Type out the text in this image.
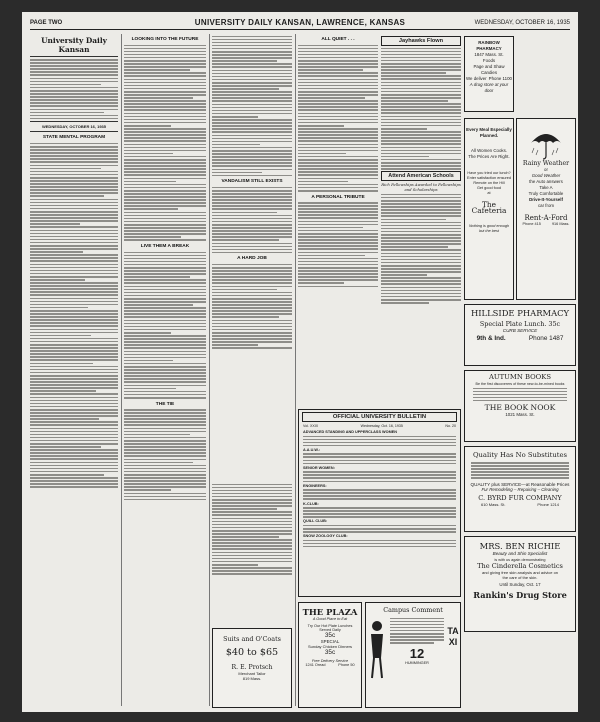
PAGE TWO	UNIVERSITY DAILY KANSAN, LAWRENCE, KANSAS	WEDNESDAY, OCTOBER 16, 1935
University Daily Kansan
WEDNESDAY, OCTOBER 16, 1935
STATE MENTAL PROGRAM
LOOKING INTO THE FUTURE
LIVE THEM A BREAK
THE TIE
VANDALISM STILL EXISTS
A HARD JOB
ALL QUIET . . .
A PERSONAL TRIBUTE
Jayhawks Flown
Attend American Schools
Rich Fellowships Awarded to Fellowships and Scholarships
OFFICIAL UNIVERSITY BULLETIN
Vol. XXIX	Wednesday, Oct. 16, 1935	No. 20
ADVANCED STANDING AND UPPERCLASS WOMEN
A.A.U.W.:
SENIOR WOMEN:
ENGINEERS:
K-CLUB:
QUILL CLUB:
SNOW ZOOLOGY CLUB:
RAINBOW PHARMACY
1847 Mass. St.
Foods
Page and Shaw Candies
We deliver Phone 1100
A drug store at your door
Every Meal Especially
Planned.
All Women Cooks.
The Prices Are Right.
Have you tried our lunch?
Enter satisfaction ensured
Remote on the Hill
Get good food
at
The Cafeteria
Nothing is good enough
but the best
Rainy Weather
or
Good Weather
the Auto answers
Take A
Truly Comfortable
Drive-It-Yourself
car from
Rent-A-Ford
Phone 415	916 Mass.
HILLSIDE PHARMACY
Special Plate Lunch. 35c
CURB SERVICE
9th & Ind.	Phone 1487
AUTUMN BOOKS
Be the first discoverers of these new-to-be-mined books
THE BOOK NOOK
1021 Mass. St.
Quality Has No Substitutes
QUALITY plus SERVICE—at Reasonable Prices
Fur Remodeling – Repairing – Cleaning
C. BYRD FUR COMPANY
610 Mass. St.	Phone 1214
MRS. BEN RICHIE
Beauty and Shin Specialist
is with us again demonstrating
The Cinderella Cosmetics
and giving free skin analysis and advice on
the care of the skin.
Until Sunday, Oct. 17
Rankin's Drug Store
Suits and O'Coats
$40 to $65
R. E. Protsch
Merchant Tailor
819 Mass.
THE PLAZA
A Good Place to Eat
Try Our Hot Plate Lunches
Served Daily
35c
SPECIAL
Sunday Chicken Dinners
35c
Free Delivery Service
1241 Oread	Phone 50
Campus Comment
12
HUMMINGER
TAXI
